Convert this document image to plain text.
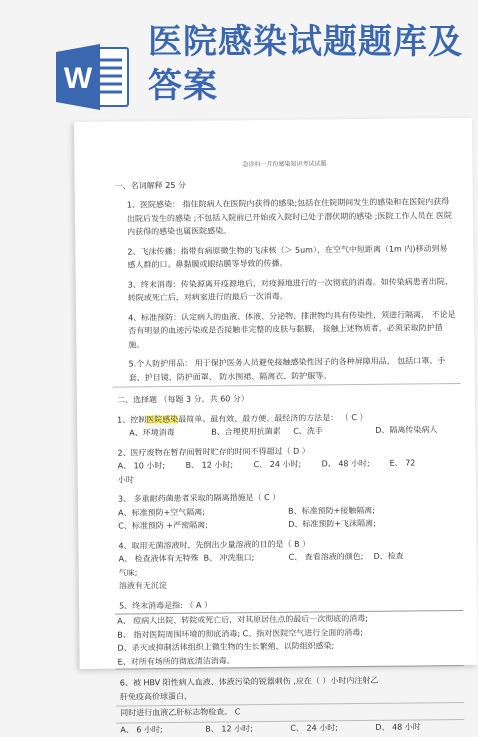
W
医院感染试题题库及答案
急诊科一月份感染知识考试试题
一、名词解释 25 分

1、医院感染： 指住院病人在医院内获得的感染;包括在住院期间发生的感染和在医院内获得出院后发生的感染 ;不包括入院前已开始或入院时已处于潜伏期的感染 ;医院工作人员在 医院内获得的感染也属医院感染。

2、飞沫传播：指带有病原微生物的飞沫核（＞ 5um），在空气中短距离（1m 内)移动到易感人群的口、鼻黏膜或眼结膜等导致的传播。

3、终末消毒：传染源离开疫源地后，对疫源地进行的一次彻底的消毒。如传染病患者出院、转院或死亡后，对病室进行的最后一次消毒。

4、标准预防：认定病人的血液、体液、分泌物、排泄物均具有传染性，须进行隔离， 不论是否有明显的血迹污染或是否接触非完整的皮肤与黏膜， 接触上述物质者，必须采取防护措施。

5.个人防护用品： 用于保护医务人员避免接触感染性因子的各种屏障用品， 包括口罩、手套、护目镜、防护面罩、 防水围裙、隔离衣、防护服等。

二、选择题 （每题 3 分，共 60 分）

1、控制医院感染最简单、最有效、最方便、最经济的方法是： （ C ）

A、环境消毒	B、合理使用抗菌素	C、洗手	D、隔离传染病人

2、医疗废物在暂存间暂时贮存的时间不得超过（ D ）

A、 10 小时;	B、 12 小时;	C、 24 小时;	D、 48 小时;	E、 72

小时

3、 多重耐药菌患者采取的隔离措施是（ C ）

A、标准预防+空气隔离;	B、标准预防+接触隔离;
C、标准预防 +严密隔离;	D、标准预防+飞沫隔离;

4、取用无菌溶液时，先倒出少量溶液的目的是（ B ）

A、 检查液体有无特殊气味;
B、 冲洗瓶口;	C、 查看溶液的颜色;	D、检查

溶液有无沉淀

5、终末消毒是指: （ A ）

A、 痘病人出院、转院或死亡后，对其原居住点的最后一次彻底的消毒;

B、 指对医院周围环境的彻底消毒; C、指对医院空气进行全面的消毒;

D、杀灭或抑制活体组织上微生物的生长繁殖，以防组织感染;

E、对所有场所的彻底清洁消毒。

6、被 HBV 阳性病人血液、体液污染的锐器刺伤 ,应在（ ）小时内注射乙

肝免疫高价球蛋白，

同时进行血液乙肝标志物检查。 C

A、 6 小时;	B、 12 小时;	C、 24 小时;	D、 48 小时
